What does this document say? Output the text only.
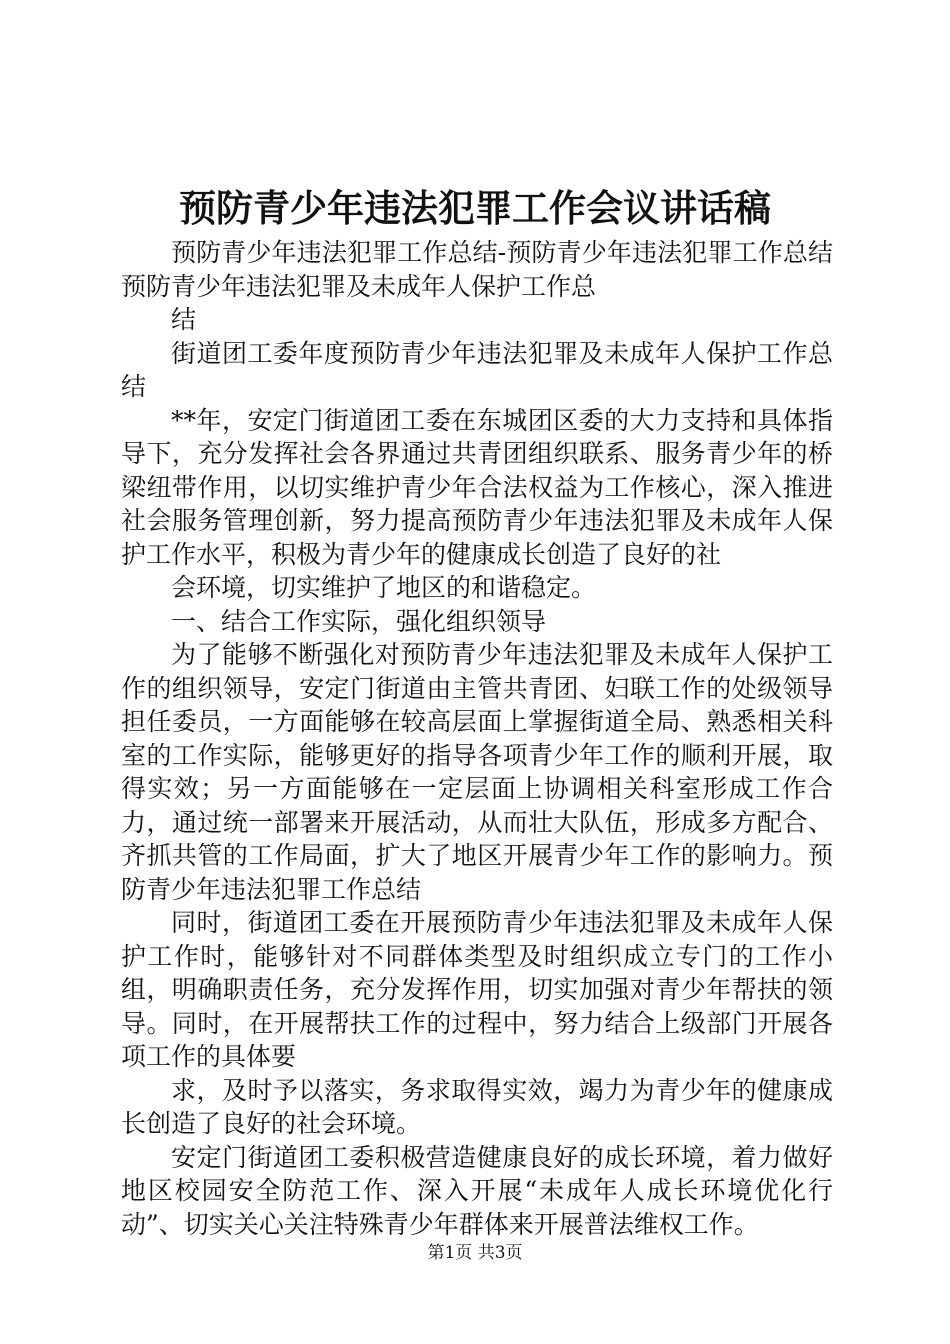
预防青少年违法犯罪工作会议讲话稿

预防青少年违法犯罪工作总结-预防青少年违法犯罪工作总结预防青少年违法犯罪及未成年人保护工作总

结

街道团工委年度预防青少年违法犯罪及未成年人保护工作总结

**年，安定门街道团工委在东城团区委的大力支持和具体指导下，充分发挥社会各界通过共青团组织联系、服务青少年的桥梁纽带作用，以切实维护青少年合法权益为工作核心，深入推进社会服务管理创新，努力提高预防青少年违法犯罪及未成年人保护工作水平，积极为青少年的健康成长创造了良好的社

会环境，切实维护了地区的和谐稳定。

一、结合工作实际，强化组织领导

为了能够不断强化对预防青少年违法犯罪及未成年人保护工作的组织领导，安定门街道由主管共青团、妇联工作的处级领导担任委员，一方面能够在较高层面上掌握街道全局、熟悉相关科室的工作实际，能够更好的指导各项青少年工作的顺利开展，取得实效；另一方面能够在一定层面上协调相关科室形成工作合力，通过统一部署来开展活动，从而壮大队伍，形成多方配合、齐抓共管的工作局面，扩大了地区开展青少年工作的影响力。预防青少年违法犯罪工作总结

同时，街道团工委在开展预防青少年违法犯罪及未成年人保护工作时，能够针对不同群体类型及时组织成立专门的工作小组，明确职责任务，充分发挥作用，切实加强对青少年帮扶的领导。同时，在开展帮扶工作的过程中，努力结合上级部门开展各项工作的具体要

求，及时予以落实，务求取得实效，竭力为青少年的健康成长创造了良好的社会环境。

安定门街道团工委积极营造健康良好的成长环境，着力做好地区校园安全防范工作、深入开展“未成年人成长环境优化行动”、切实关心关注特殊青少年群体来开展普法维权工作。

第1页 共3页
